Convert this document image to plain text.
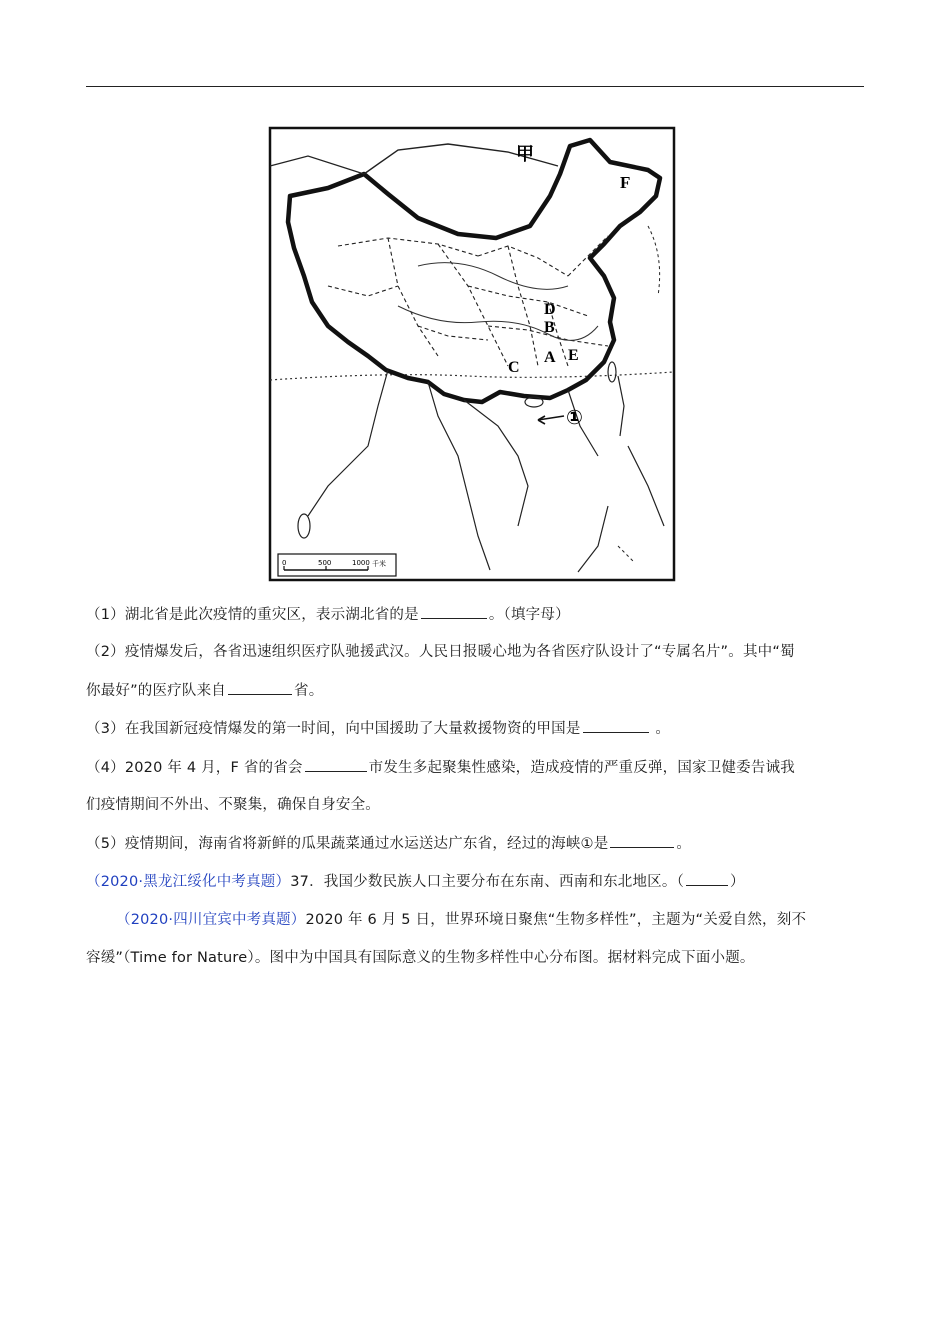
甲
F
D
B
A E
C
①
0	500	1000 千米
（1）湖北省是此次疫情的重灾区，表示湖北省的是	。（填字母）
（2）疫情爆发后，各省迅速组织医疗队驰援武汉。人民日报暖心地为各省医疗队设计了“专属名片”。其中“蜀
你最好”的医疗队来自	省。
（3）在我国新冠疫情爆发的第一时间，向中国援助了大量救援物资的甲国是	。
（4）2020 年 4 月，F 省的省会	市发生多起聚集性感染，造成疫情的严重反弹，国家卫健委告诫我
们疫情期间不外出、不聚集，确保自身安全。
（5）疫情期间，海南省将新鲜的瓜果蔬菜通过水运送达广东省，经过的海峡①是	。
（2020·黑龙江绥化中考真题）37．我国少数民族人口主要分布在东南、西南和东北地区。（	）
（2020·四川宜宾中考真题）2020 年 6 月 5 日，世界环境日聚焦“生物多样性”，主题为“关爱自然，刻不
容缓”（Time for Nature）。图中为中国具有国际意义的生物多样性中心分布图。据材料完成下面小题。
